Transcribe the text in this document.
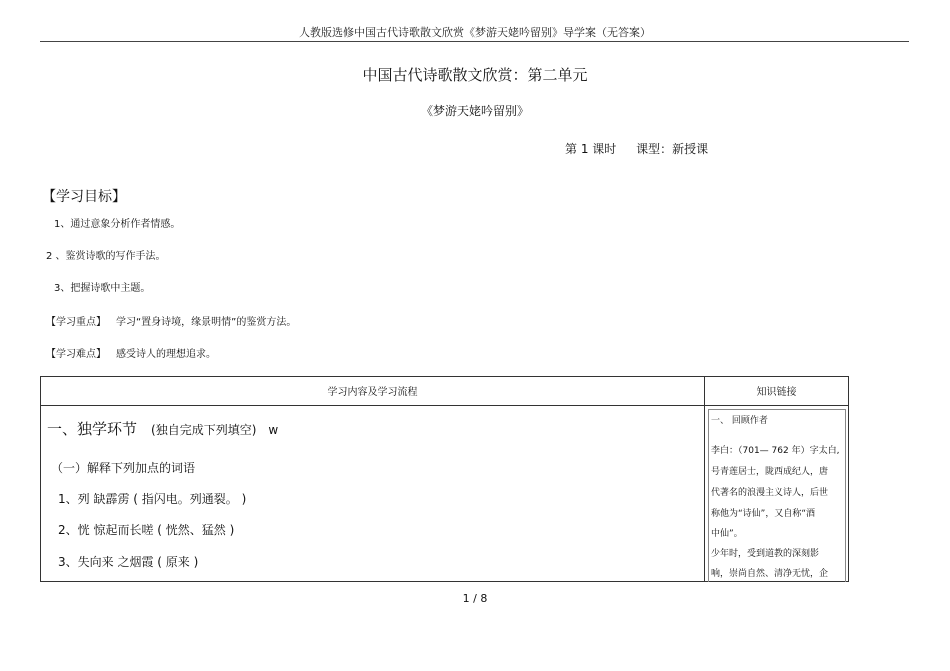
人教版选修中国古代诗歌散文欣赏《梦游天姥吟留别》导学案（无答案）
中国古代诗歌散文欣赏：第二单元
《梦游天姥吟留别》
第 1 课时 课型：新授课
【学习目标】
1、通过意象分析作者情感。
2 、鉴赏诗歌的写作手法。
3、把握诗歌中主题。
【学习重点】 学习“置身诗境，缘景明情”的鉴赏方法。
【学习难点】 感受诗人的理想追求。
学习内容及学习流程	知识链接
一、独学环节 (独自完成下列填空) w
（一）解释下列加点的词语
1、列 缺霹雳 ( 指闪电。列通裂。 )
2、恍 惊起而长嗟 ( 恍然、猛然 )
3、失向来 之烟霞 ( 原来 )
一、 回顾作者
李白：（701— 762 年）字太白,
号青莲居士，陇西成纪人，唐
代著名的浪漫主义诗人，后世
称他为“诗仙”，又自称“酒
中仙”。
少年时，受到道教的深刻影
响，崇尚自然、清净无忧，企
1 / 8
